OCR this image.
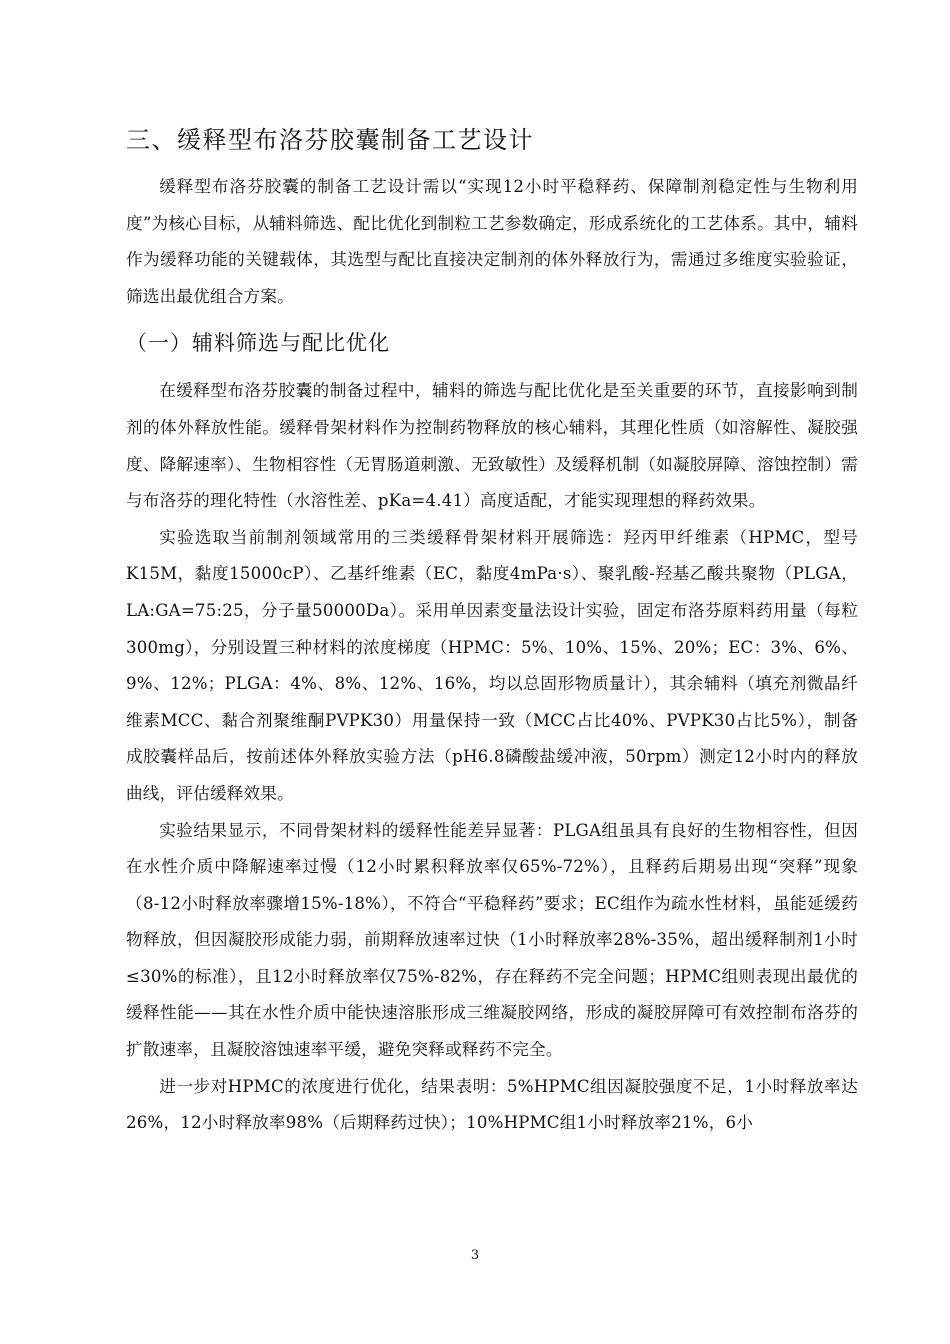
三、缓释型布洛芬胶囊制备工艺设计

缓释型布洛芬胶囊的制备工艺设计需以“实现12小时平稳释药、保障制剂稳定性与生物利用度”为核心目标，从辅料筛选、配比优化到制粒工艺参数确定，形成系统化的工艺体系。其中，辅料作为缓释功能的关键载体，其选型与配比直接决定制剂的体外释放行为，需通过多维度实验验证，筛选出最优组合方案。

（一）辅料筛选与配比优化

在缓释型布洛芬胶囊的制备过程中，辅料的筛选与配比优化是至关重要的环节，直接影响到制剂的体外释放性能。缓释骨架材料作为控制药物释放的核心辅料，其理化性质（如溶解性、凝胶强度、降解速率）、生物相容性（无胃肠道刺激、无致敏性）及缓释机制（如凝胶屏障、溶蚀控制）需与布洛芬的理化特性（水溶性差、pKa=4.41）高度适配，才能实现理想的释药效果。

实验选取当前制剂领域常用的三类缓释骨架材料开展筛选：羟丙甲纤维素（HPMC，型号K15M，黏度15000cP）、乙基纤维素（EC，黏度4mPa·s）、聚乳酸-羟基乙酸共聚物（PLGA，LA:GA=75:25，分子量50000Da）。采用单因素变量法设计实验，固定布洛芬原料药用量（每粒300mg），分别设置三种材料的浓度梯度（HPMC：5%、10%、15%、20%；EC：3%、6%、9%、12%；PLGA：4%、8%、12%、16%，均以总固形物质量计），其余辅料（填充剂微晶纤维素MCC、黏合剂聚维酮PVPK30）用量保持一致（MCC占比40%、PVPK30占比5%），制备成胶囊样品后，按前述体外释放实验方法（pH6.8磷酸盐缓冲液，50rpm）测定12小时内的释放曲线，评估缓释效果。

实验结果显示，不同骨架材料的缓释性能差异显著：PLGA组虽具有良好的生物相容性，但因在水性介质中降解速率过慢（12小时累积释放率仅65%-72%），且释药后期易出现“突释”现象（8-12小时释放率骤增15%-18%），不符合“平稳释药”要求；EC组作为疏水性材料，虽能延缓药物释放，但因凝胶形成能力弱，前期释放速率过快（1小时释放率28%-35%，超出缓释制剂1小时≤30%的标准），且12小时释放率仅75%-82%，存在释药不完全问题；HPMC组则表现出最优的缓释性能——其在水性介质中能快速溶胀形成三维凝胶网络，形成的凝胶屏障可有效控制布洛芬的扩散速率，且凝胶溶蚀速率平缓，避免突释或释药不完全。

进一步对HPMC的浓度进行优化，结果表明：5%HPMC组因凝胶强度不足，1小时释放率达26%，12小时释放率98%（后期释药过快）；10%HPMC组1小时释放率21%，6小

3
